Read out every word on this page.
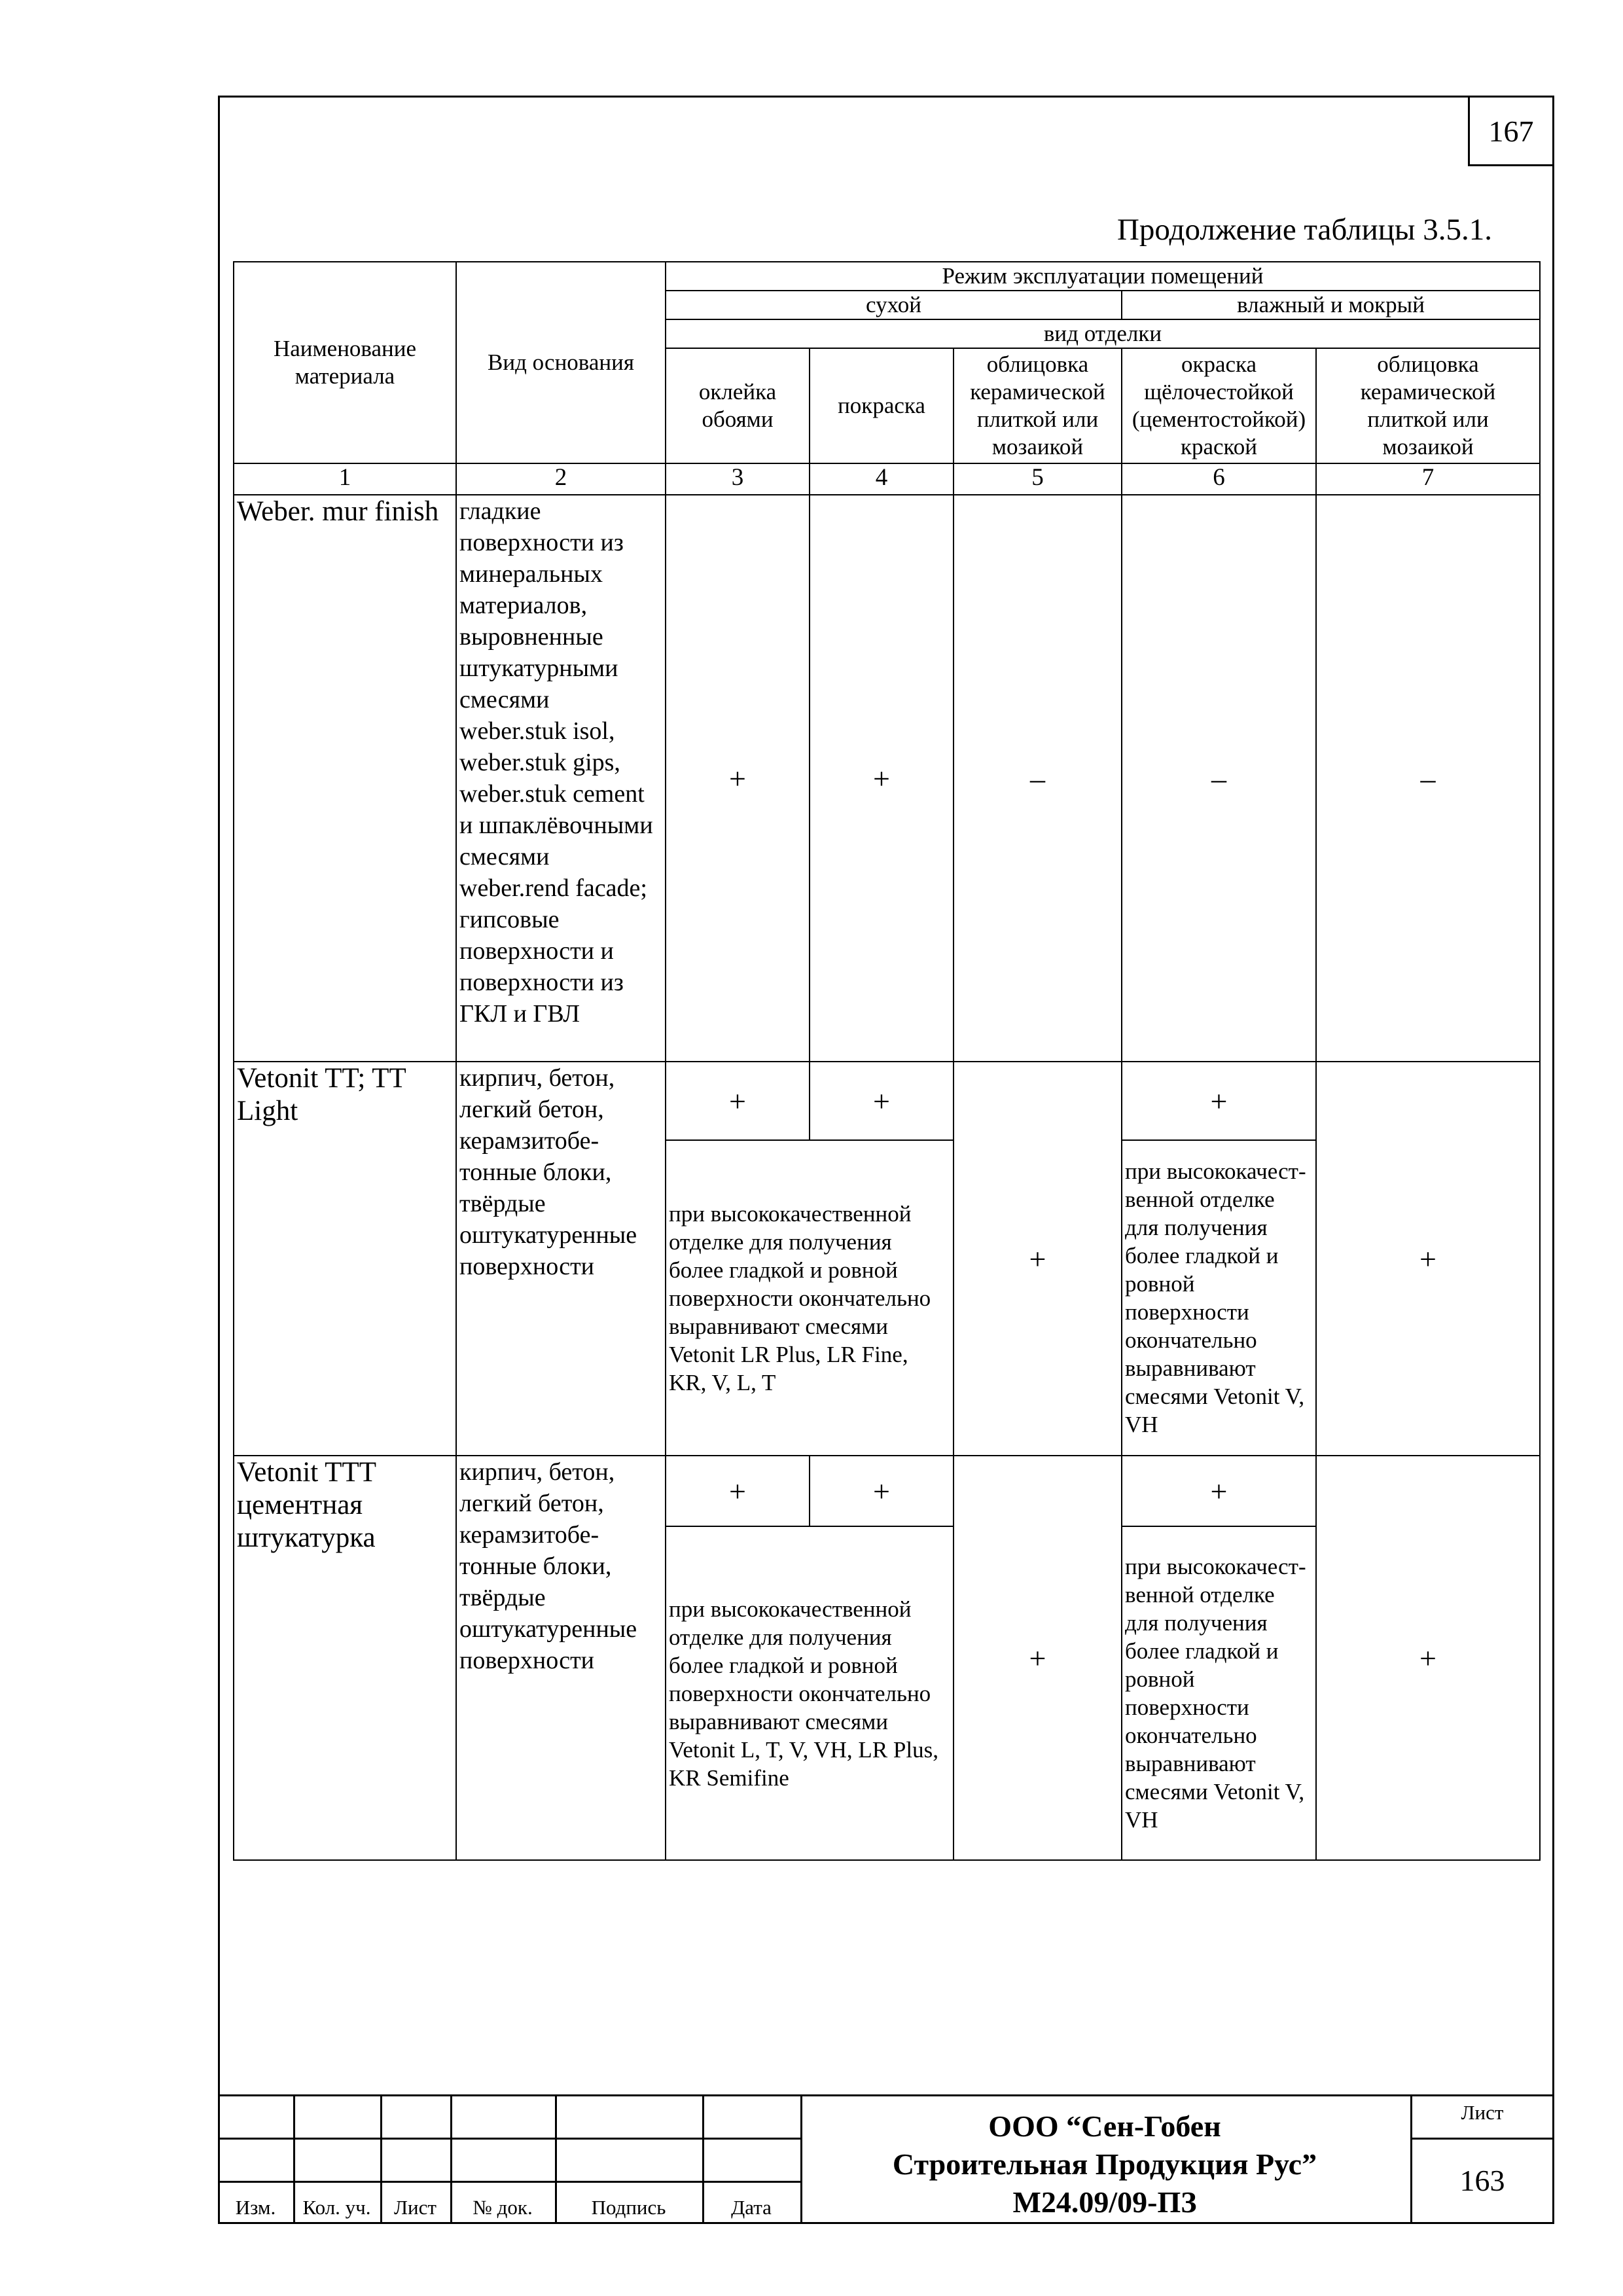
167
Продолжение таблицы 3.5.1.
Наименование материала	Вид основания	Режим эксплуатации помещений				
		сухой			влажный и мокрый	
		вид отделки				
		оклейка обоями	покраска	облицовка керамической плиткой или мозаикой	окраска щёлочестойкой (цементостойкой) краской	облицовка керамической плиткой или мозаикой
1	2	3	4	5	6	7
Weber. mur finish	гладкие поверхности из минеральных материалов, выровненные штукатурными смесями weber.stuk isol, weber.stuk gips, weber.stuk cement и шпаклёвочными смесями weber.rend facade; гипсовые поверхности и поверхности из ГКЛ и ГВЛ	+	+	–	–	–
Vetonit TT; TT Light	кирпич, бетон, легкий бетон, керамзитобе-тонные блоки, твёрдые оштукатуренные поверхности	+	+	+	+	+
		при высококачественной отделке для получения более гладкой и ровной поверхности окончательно выравнивают смесями Vetonit LR Plus, LR Fine, KR, V, L, T			при высококачест-венной отделке для получения более гладкой и ровной поверхности окончательно выравнивают смесями Vetonit V, VH	
Vetonit TTT цементная штукатурка	кирпич, бетон, легкий бетон, керамзитобе-тонные блоки, твёрдые оштукатуренные поверхности	+	+	+	+	+
		при высококачественной отделке для получения более гладкой и ровной поверхности окончательно выравнивают смесями Vetonit L, T, V, VH, LR Plus, KR Semifine			при высококачест-венной отделке для получения более гладкой и ровной поверхности окончательно выравнивают смесями Vetonit V, VH	
Изм.	Кол. уч.	Лист	№ док.	Подпись	Дата
ООО “Сен-Гобен
Строительная Продукция Рус”
М24.09/09-ПЗ
Лист
163
